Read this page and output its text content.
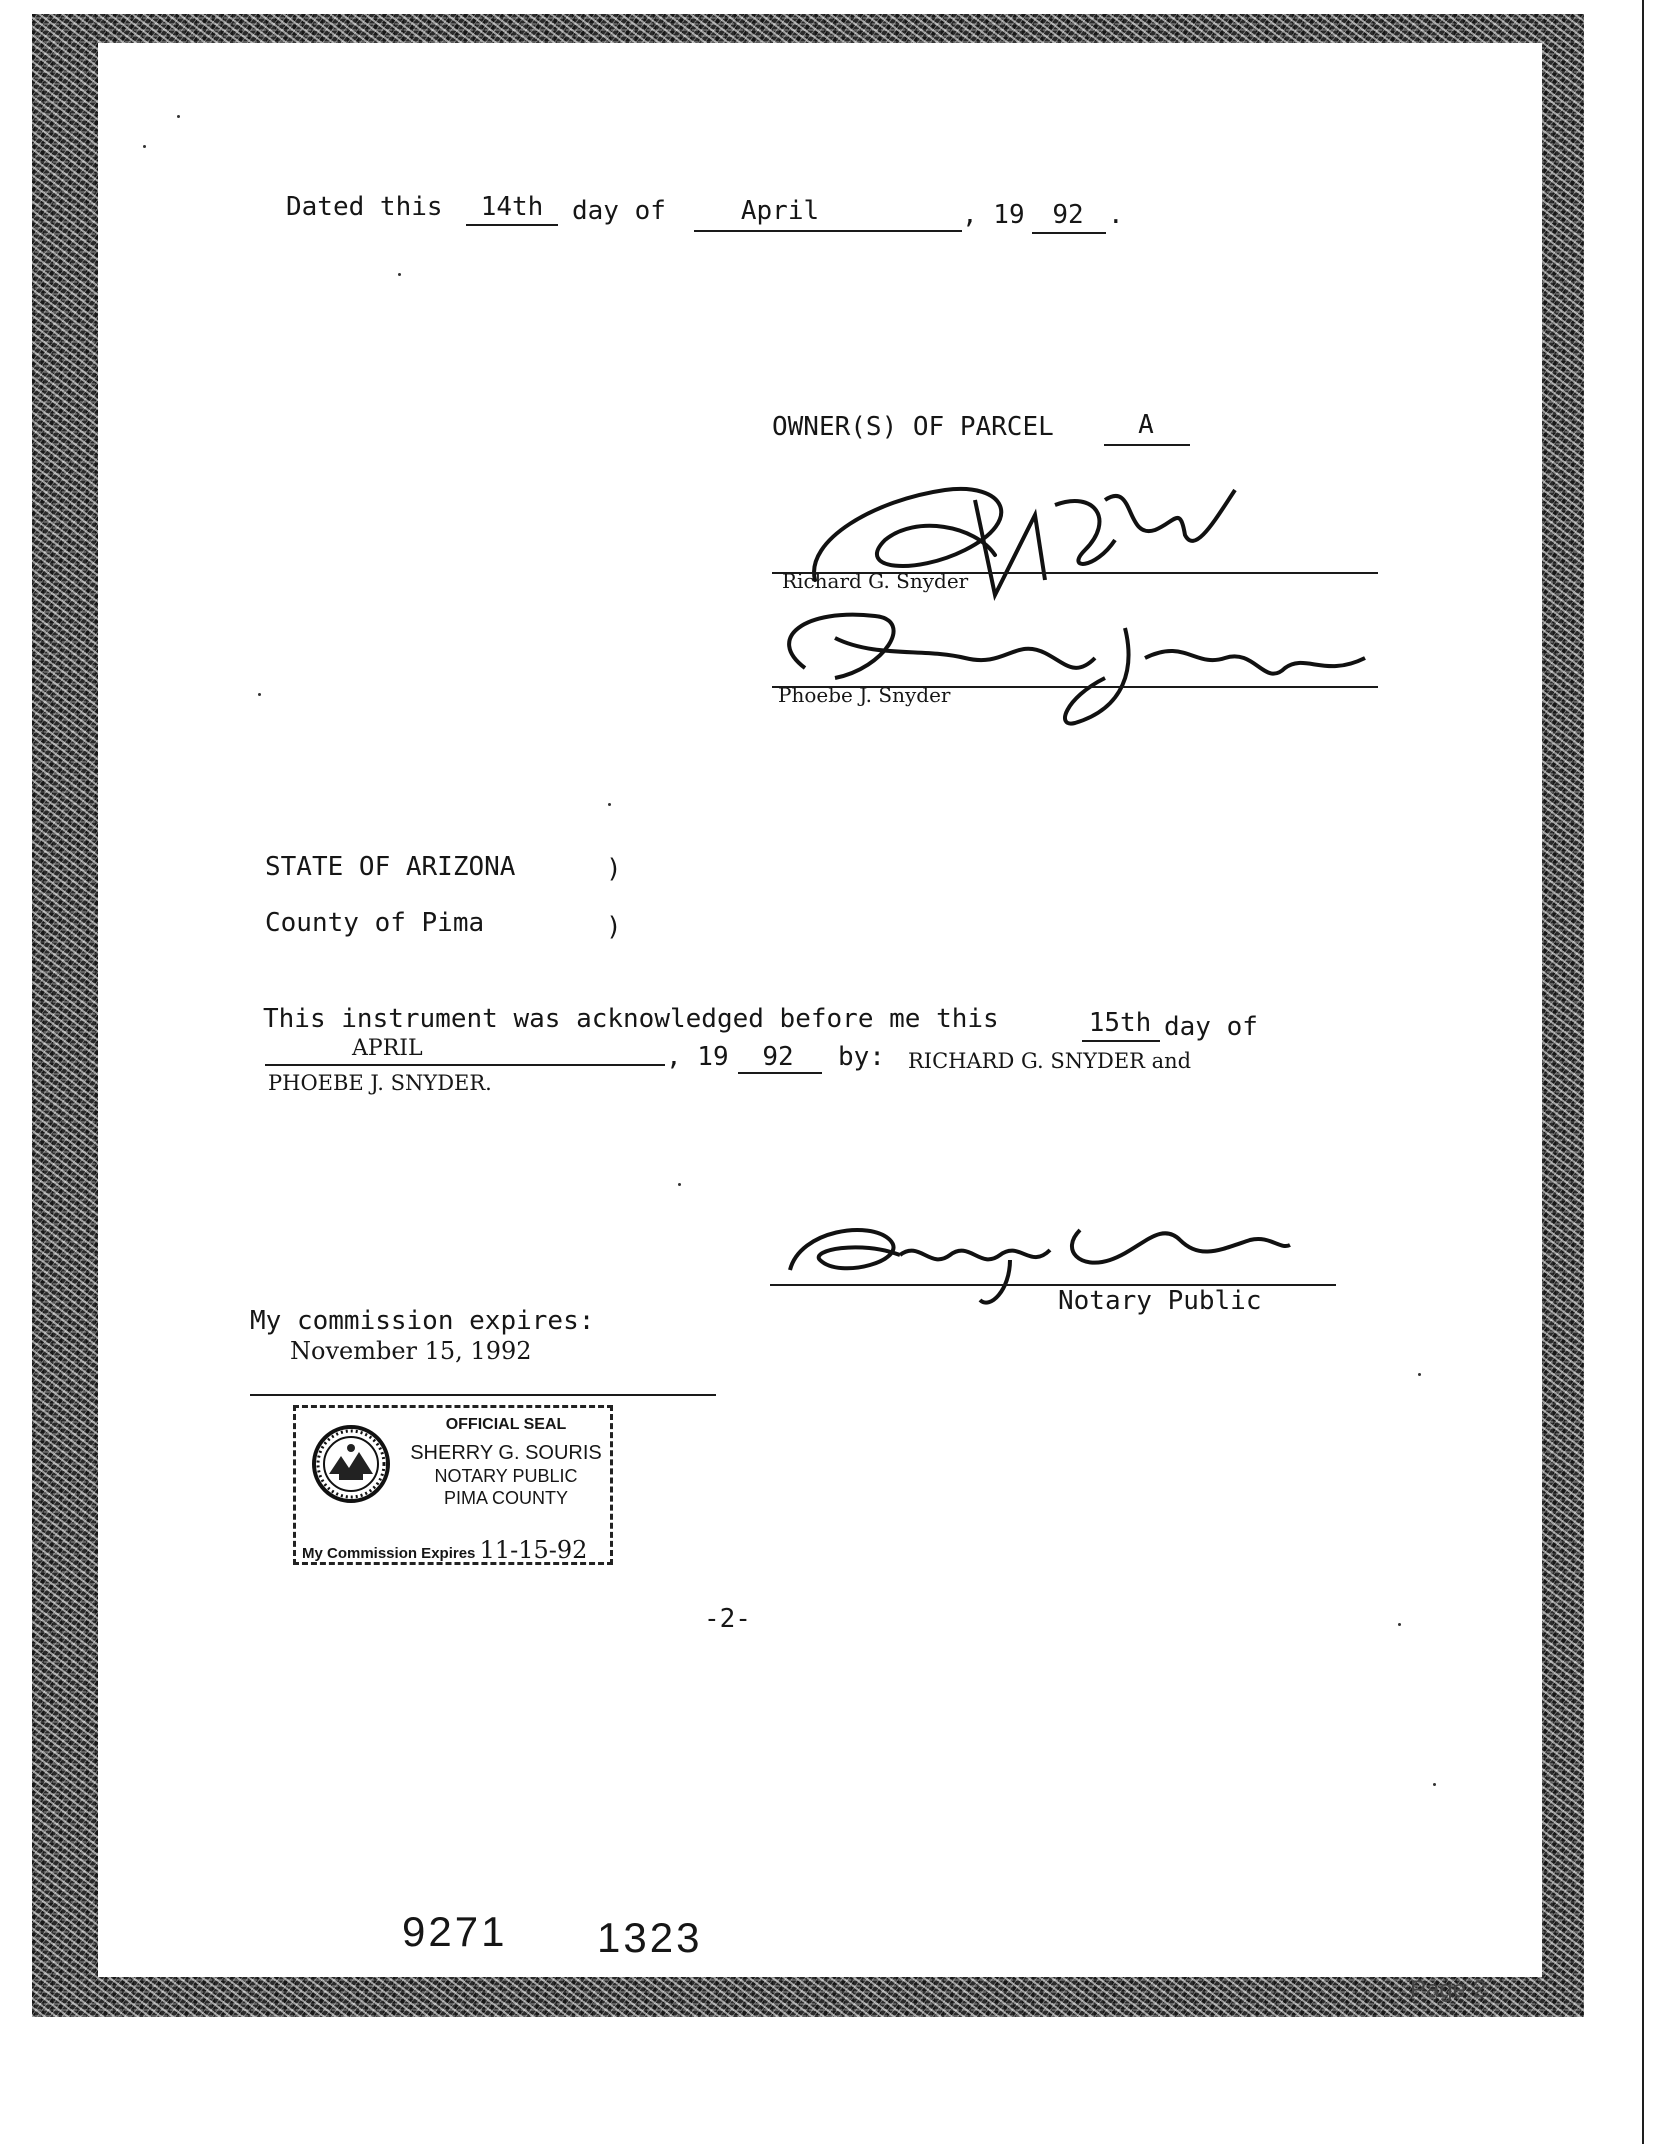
Dated this	14th	day of	April	, 19	92 .
OWNER(S) OF PARCEL	A
Richard G. Snyder
Phoebe J. Snyder
STATE OF ARIZONA	)
County of Pima	)
This instrument was acknowledged before me this	15th day of
APRIL	, 19	92	by: RICHARD G. SNYDER and
PHOEBE J. SNYDER.
Notary Public
My commission expires:
November 15, 1992
OFFICIAL SEAL
SHERRY G. SOURIS
NOTARY PUBLIC
PIMA COUNTY
My Commission Expires 11-15-92
-2-
9271 1323
Page 2
